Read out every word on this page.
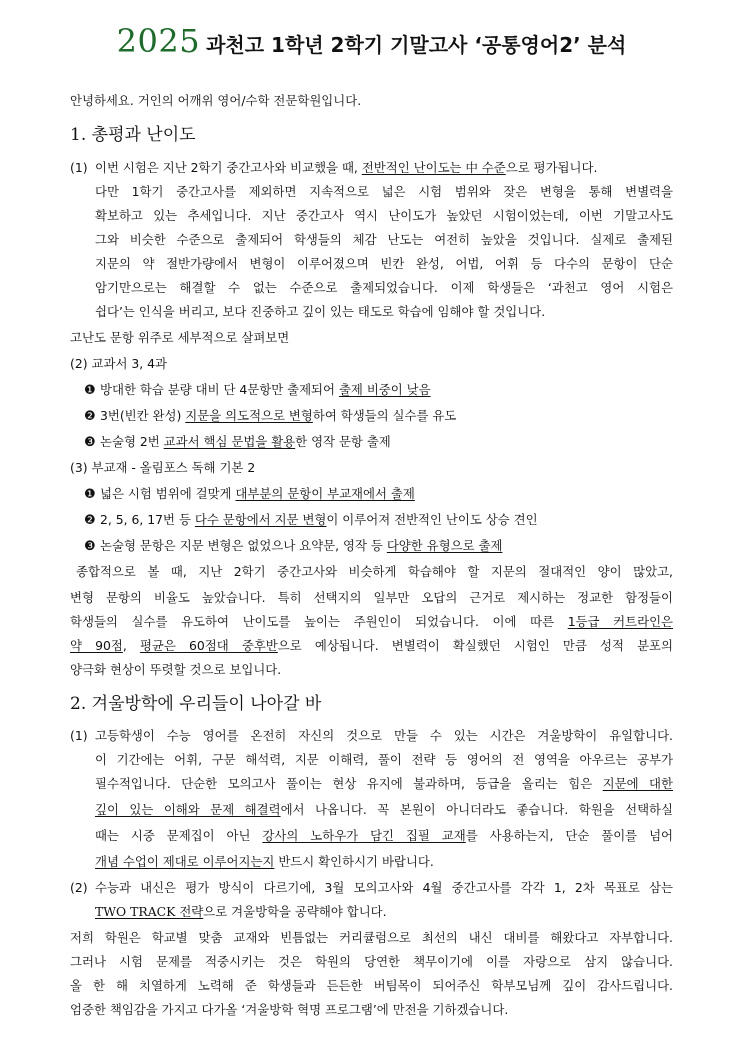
2025 과천고 1학년 2학기 기말고사 ‘공통영어2’ 분석
안녕하세요. 거인의 어깨위 영어/수학 전문학원입니다.
1. 총평과 난이도
(1) 이번 시험은 지난 2학기 중간고사와 비교했을 때, 전반적인 난이도는 中 수준으로 평가됩니다.
다만 1학기 중간고사를 제외하면 지속적으로 넓은 시험 범위와 잦은 변형을 통해 변별력을
확보하고 있는 추세입니다. 지난 중간고사 역시 난이도가 높았던 시험이었는데, 이번 기말고사도
그와 비슷한 수준으로 출제되어 학생들의 체감 난도는 여전히 높았을 것입니다. 실제로 출제된
지문의 약 절반가량에서 변형이 이루어졌으며 빈칸 완성, 어법, 어휘 등 다수의 문항이 단순
암기만으로는 해결할 수 없는 수준으로 출제되었습니다. 이제 학생들은 ‘과천고 영어 시험은
쉽다’는 인식을 버리고, 보다 진중하고 깊이 있는 태도로 학습에 임해야 할 것입니다.
고난도 문항 위주로 세부적으로 살펴보면
(2) 교과서 3, 4과
❶ 방대한 학습 분량 대비 단 4문항만 출제되어 출제 비중이 낮음
❷ 3번(빈칸 완성) 지문을 의도적으로 변형하여 학생들의 실수를 유도
❸ 논술형 2번 교과서 핵심 문법을 활용한 영작 문항 출제
(3) 부교재 - 올림포스 독해 기본 2
❶ 넓은 시험 범위에 걸맞게 대부분의 문항이 부교재에서 출제
❷ 2, 5, 6, 17번 등 다수 문항에서 지문 변형이 이루어져 전반적인 난이도 상승 견인
❸ 논술형 문항은 지문 변형은 없었으나 요약문, 영작 등 다양한 유형으로 출제
종합적으로 볼 때, 지난 2학기 중간고사와 비슷하게 학습해야 할 지문의 절대적인 양이 많았고,
변형 문항의 비율도 높았습니다. 특히 선택지의 일부만 오답의 근거로 제시하는 정교한 함정들이
학생들의 실수를 유도하여 난이도를 높이는 주원인이 되었습니다. 이에 따른 1등급 커트라인은
약 90점, 평균은 60점대 중후반으로 예상됩니다. 변별력이 확실했던 시험인 만큼 성적 분포의
양극화 현상이 뚜렷할 것으로 보입니다.
2. 겨울방학에 우리들이 나아갈 바
(1) 고등학생이 수능 영어를 온전히 자신의 것으로 만들 수 있는 시간은 겨울방학이 유일합니다.
이 기간에는 어휘, 구문 해석력, 지문 이해력, 풀이 전략 등 영어의 전 영역을 아우르는 공부가
필수적입니다. 단순한 모의고사 풀이는 현상 유지에 불과하며, 등급을 올리는 힘은 지문에 대한
깊이 있는 이해와 문제 해결력에서 나옵니다. 꼭 본원이 아니더라도 좋습니다. 학원을 선택하실
때는 시중 문제집이 아닌 강사의 노하우가 담긴 집필 교재를 사용하는지, 단순 풀이를 넘어
개념 수업이 제대로 이루어지는지 반드시 확인하시기 바랍니다.
(2) 수능과 내신은 평가 방식이 다르기에, 3월 모의고사와 4월 중간고사를 각각 1, 2차 목표로 삼는
TWO TRACK 전략으로 겨울방학을 공략해야 합니다.
저희 학원은 학교별 맞춤 교재와 빈틈없는 커리큘럼으로 최선의 내신 대비를 해왔다고 자부합니다.
그러나 시험 문제를 적중시키는 것은 학원의 당연한 책무이기에 이를 자랑으로 삼지 않습니다.
올 한 해 치열하게 노력해 준 학생들과 든든한 버팀목이 되어주신 학부모님께 깊이 감사드립니다.
엄중한 책임감을 가지고 다가올 ‘겨울방학 혁명 프로그램’에 만전을 기하겠습니다.
